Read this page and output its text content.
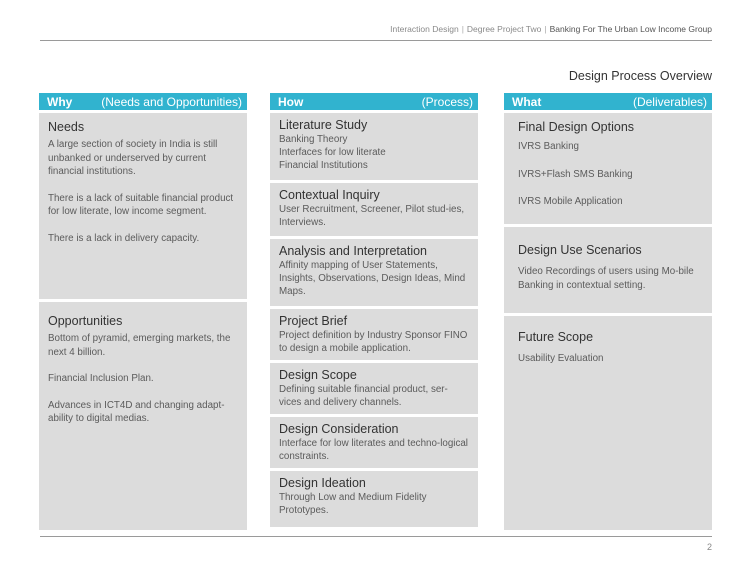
Interaction Design | Degree Project Two | Banking For The Urban Low Income Group
Design Process Overview
Why (Needs and Opportunities)
Needs

A large section of society in India is still unbanked or underserved by current financial institutions.

There is a lack of suitable financial product for low literate, low income segment.

There is a lack in delivery capacity.

Opportunities

Bottom of pyramid, emerging markets, the next 4 billion.

Financial Inclusion Plan.

Advances in ICT4D and changing adapt-ability to digital medias.

How	(Process)
Literature Study

Banking Theory
Interfaces for low literate
Financial Institutions

Contextual Inquiry

User Recruitment, Screener, Pilot stud-ies, Interviews.

Analysis and Interpretation

Affinity mapping of User Statements, Insights, Observations, Design Ideas, Mind Maps.

Project Brief

Project definition by Industry Sponsor FINO to design a mobile application.

Design Scope

Defining suitable financial product, ser-vices and delivery channels.

Design Consideration

Interface for low literates and techno-logical constraints.

Design Ideation

Through Low and Medium Fidelity Prototypes.

What	(Deliverables)
Final Design Options

IVRS Banking

IVRS+Flash SMS Banking

IVRS Mobile Application

Design Use Scenarios

Video Recordings of users using Mo-bile Banking in contextual setting.

Future Scope

Usability Evaluation

2
